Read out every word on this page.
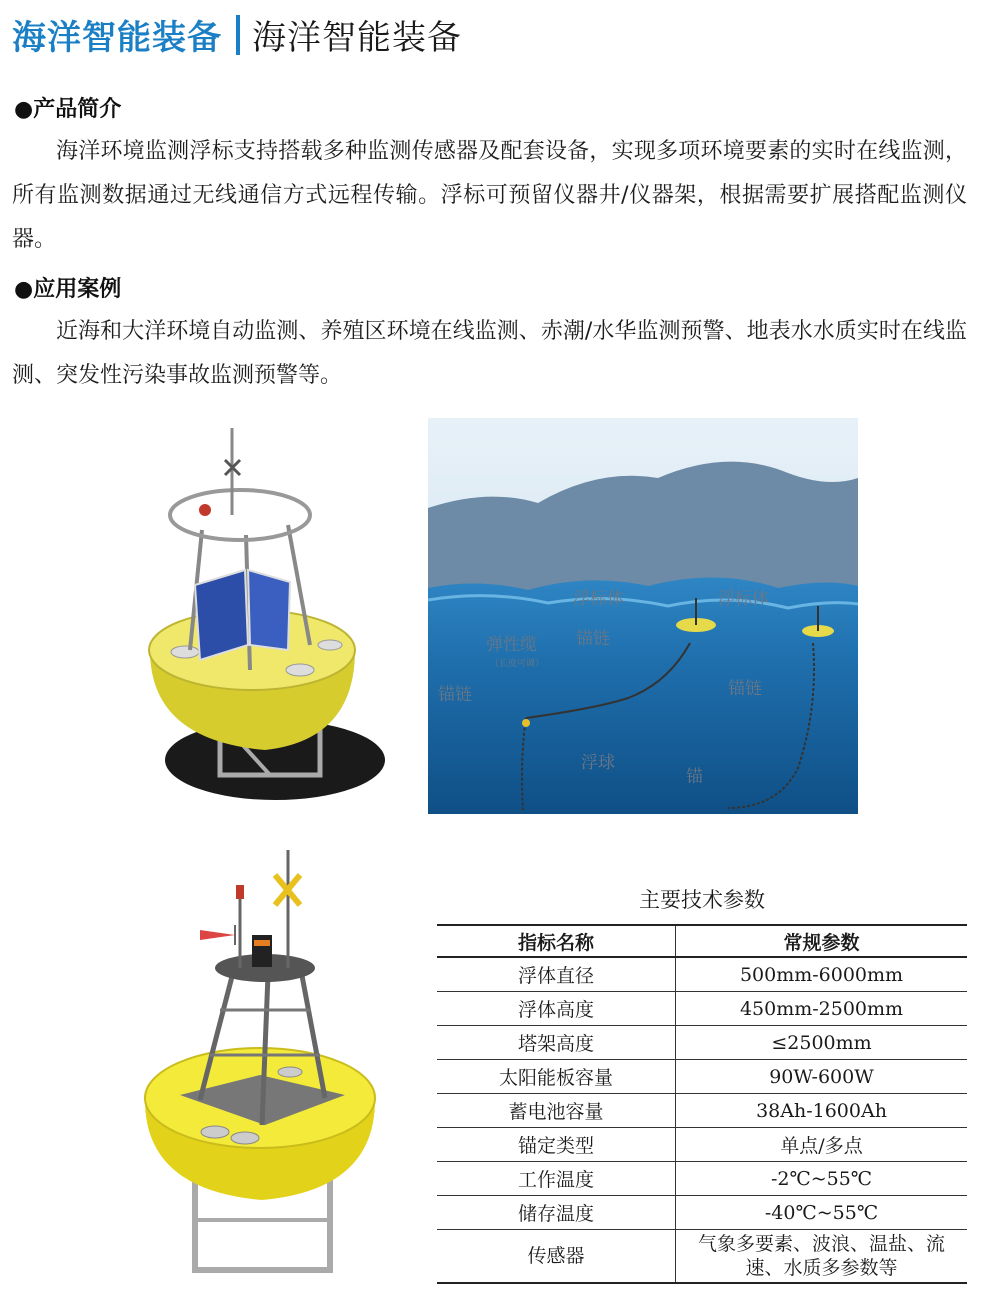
海洋智能装备 海洋智能装备
●产品简介
海洋环境监测浮标支持搭载多种监测传感器及配套设备，实现多项环境要素的实时在线监测，所有监测数据通过无线通信方式远程传输。浮标可预留仪器井/仪器架，根据需要扩展搭配监测仪器。
●应用案例
近海和大洋环境自动监测、养殖区环境在线监测、赤潮/水华监测预警、地表水水质实时在线监测、突发性污染事故监测预警等。
浮标体	浮标体
弹性缆
（长度可调）
锚链
锚链	锚链
浮球
锚
主要技术参数
指标名称	常规参数
浮体直径	500mm-6000mm
浮体高度	450mm-2500mm
塔架高度	≤2500mm
太阳能板容量	90W-600W
蓄电池容量	38Ah-1600Ah
锚定类型	单点/多点
工作温度	-2℃~55℃
储存温度	-40℃~55℃
传感器	气象多要素、波浪、温盐、流速、水质多参数等
